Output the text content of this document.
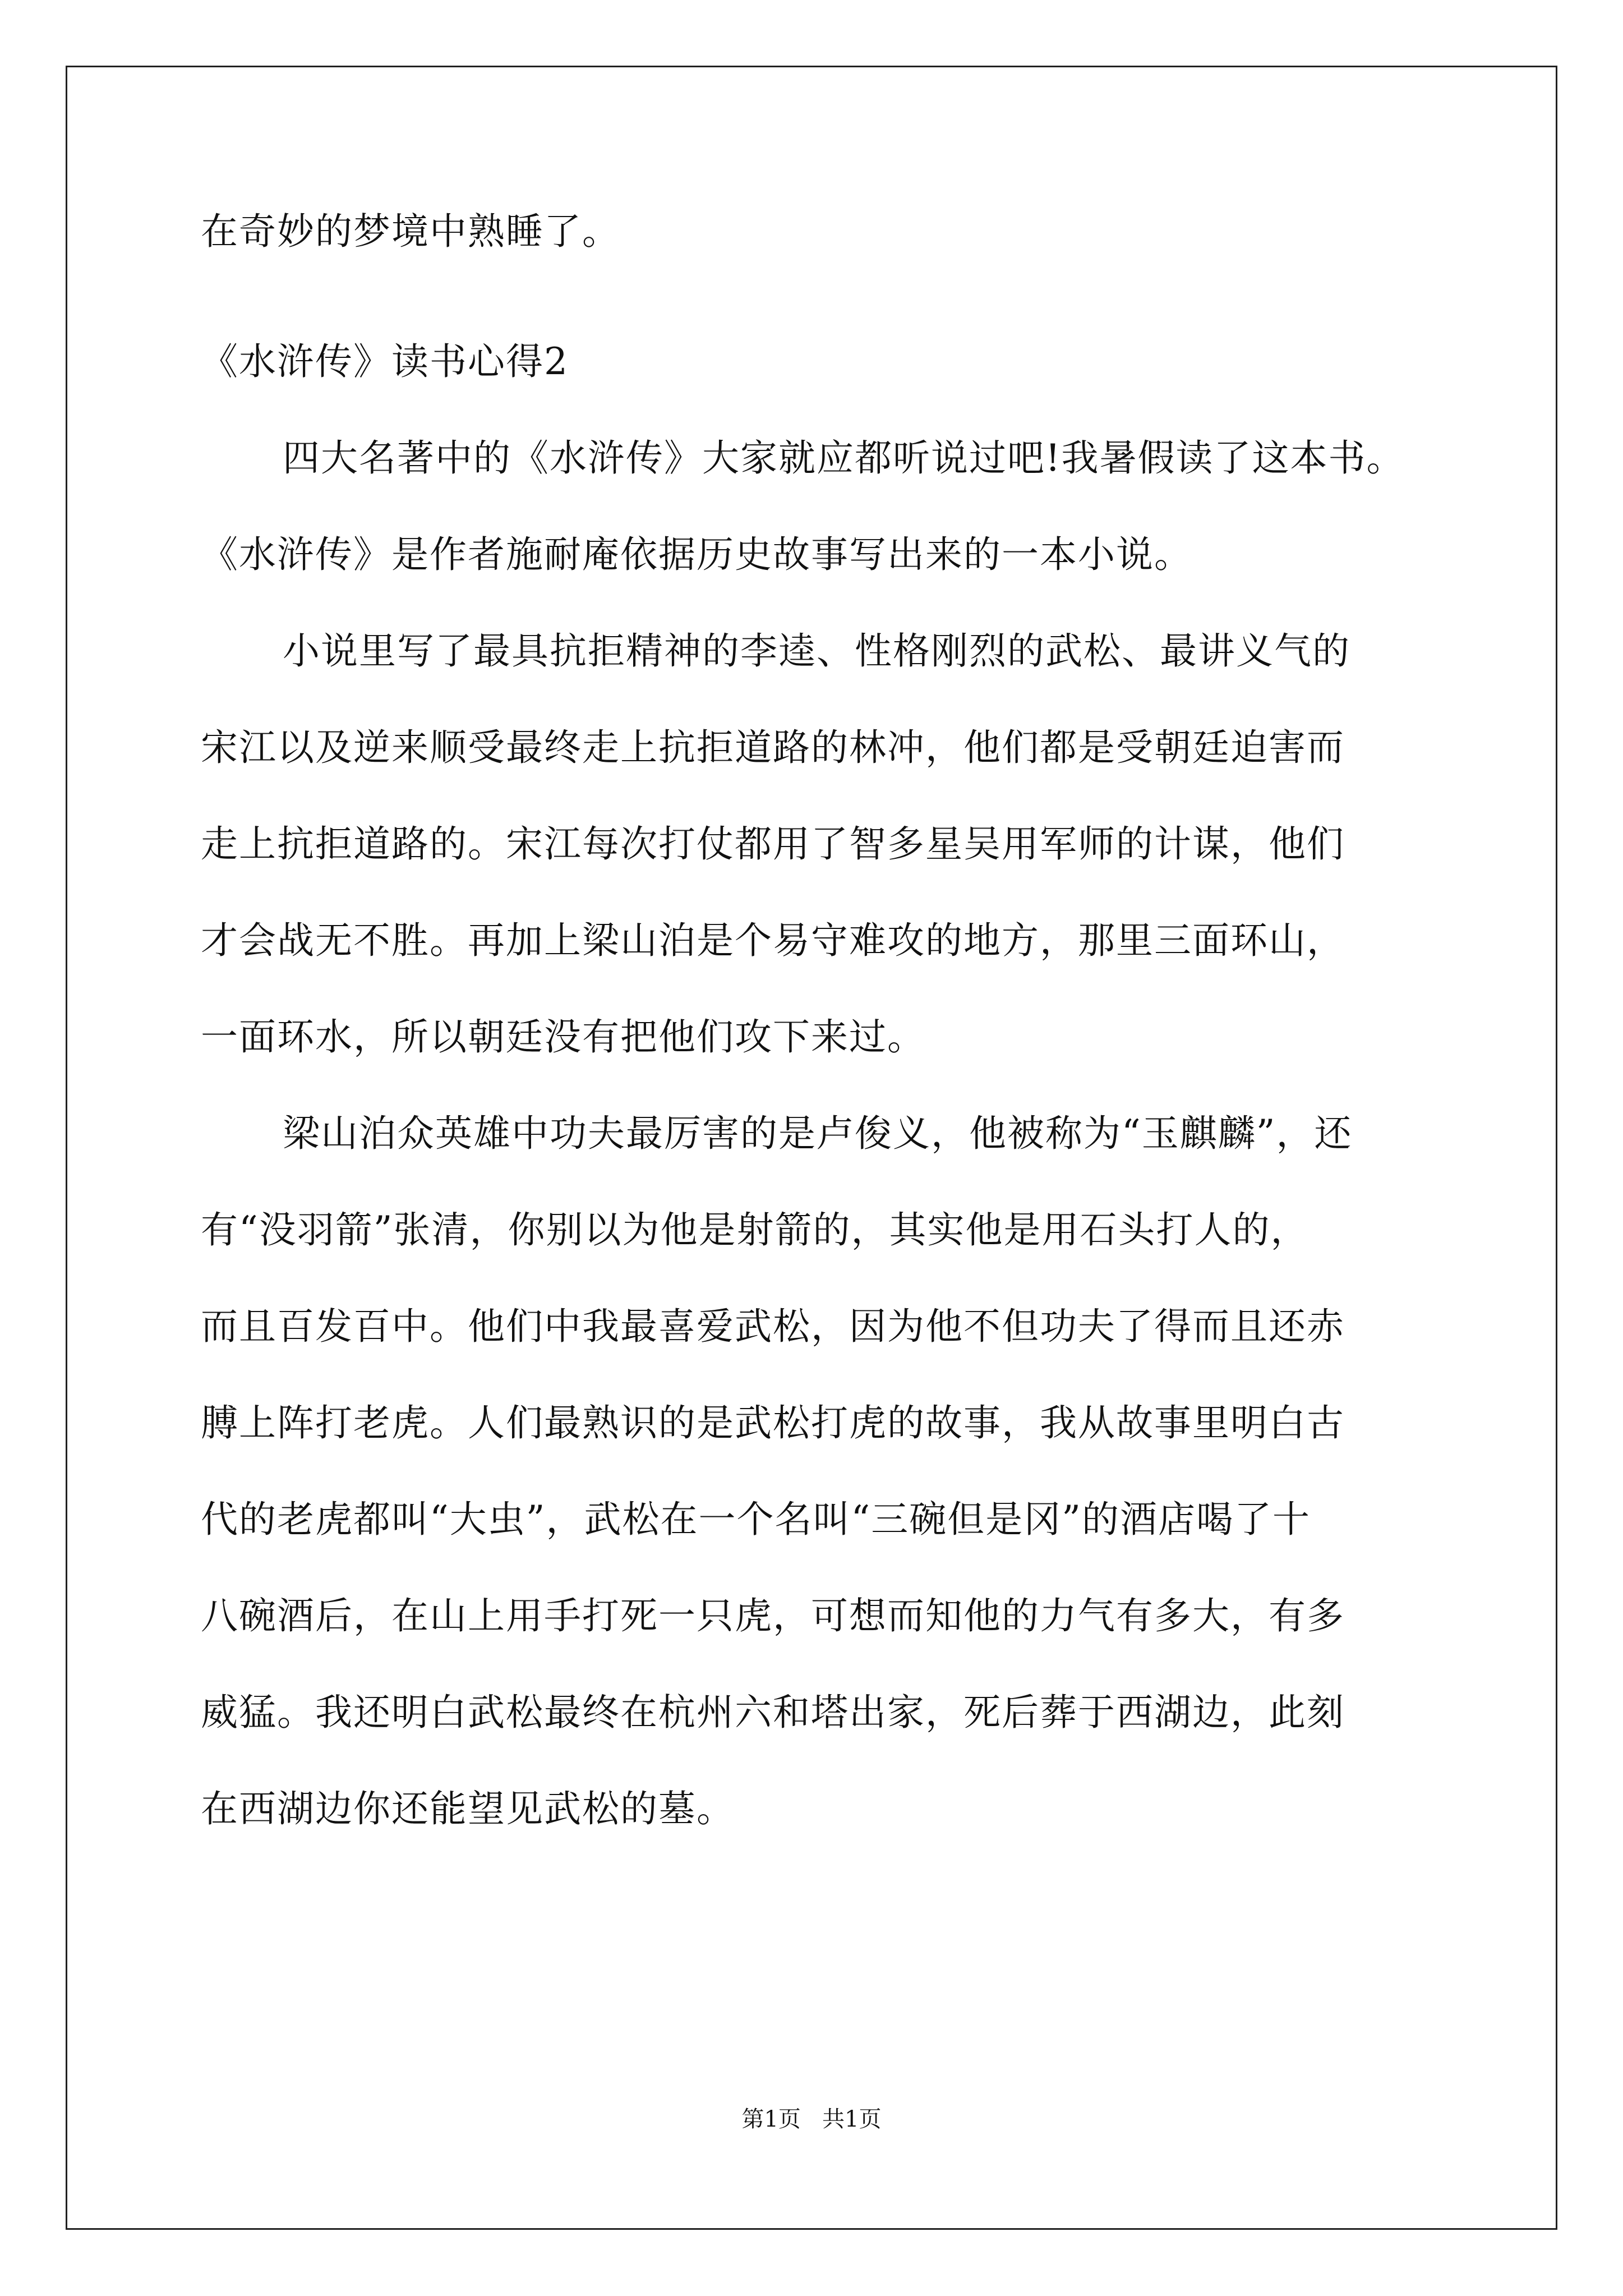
在奇妙的梦境中熟睡了。

《水浒传》读书心得2

四大名著中的《水浒传》大家就应都听说过吧!我暑假读了这本书。

《水浒传》是作者施耐庵依据历史故事写出来的一本小说。

小说里写了最具抗拒精神的李逵、性格刚烈的武松、最讲义气的

宋江以及逆来顺受最终走上抗拒道路的林冲，他们都是受朝廷迫害而

走上抗拒道路的。宋江每次打仗都用了智多星吴用军师的计谋，他们

才会战无不胜。再加上梁山泊是个易守难攻的地方，那里三面环山，

一面环水，所以朝廷没有把他们攻下来过。

梁山泊众英雄中功夫最厉害的是卢俊义，他被称为“玉麒麟”，还

有“没羽箭”张清，你别以为他是射箭的，其实他是用石头打人的，

而且百发百中。他们中我最喜爱武松，因为他不但功夫了得而且还赤

膊上阵打老虎。人们最熟识的是武松打虎的故事，我从故事里明白古

代的老虎都叫“大虫”，武松在一个名叫“三碗但是冈”的酒店喝了十

八碗酒后，在山上用手打死一只虎，可想而知他的力气有多大，有多

威猛。我还明白武松最终在杭州六和塔出家，死后葬于西湖边，此刻

在西湖边你还能望见武松的墓。

第1页   共1页
